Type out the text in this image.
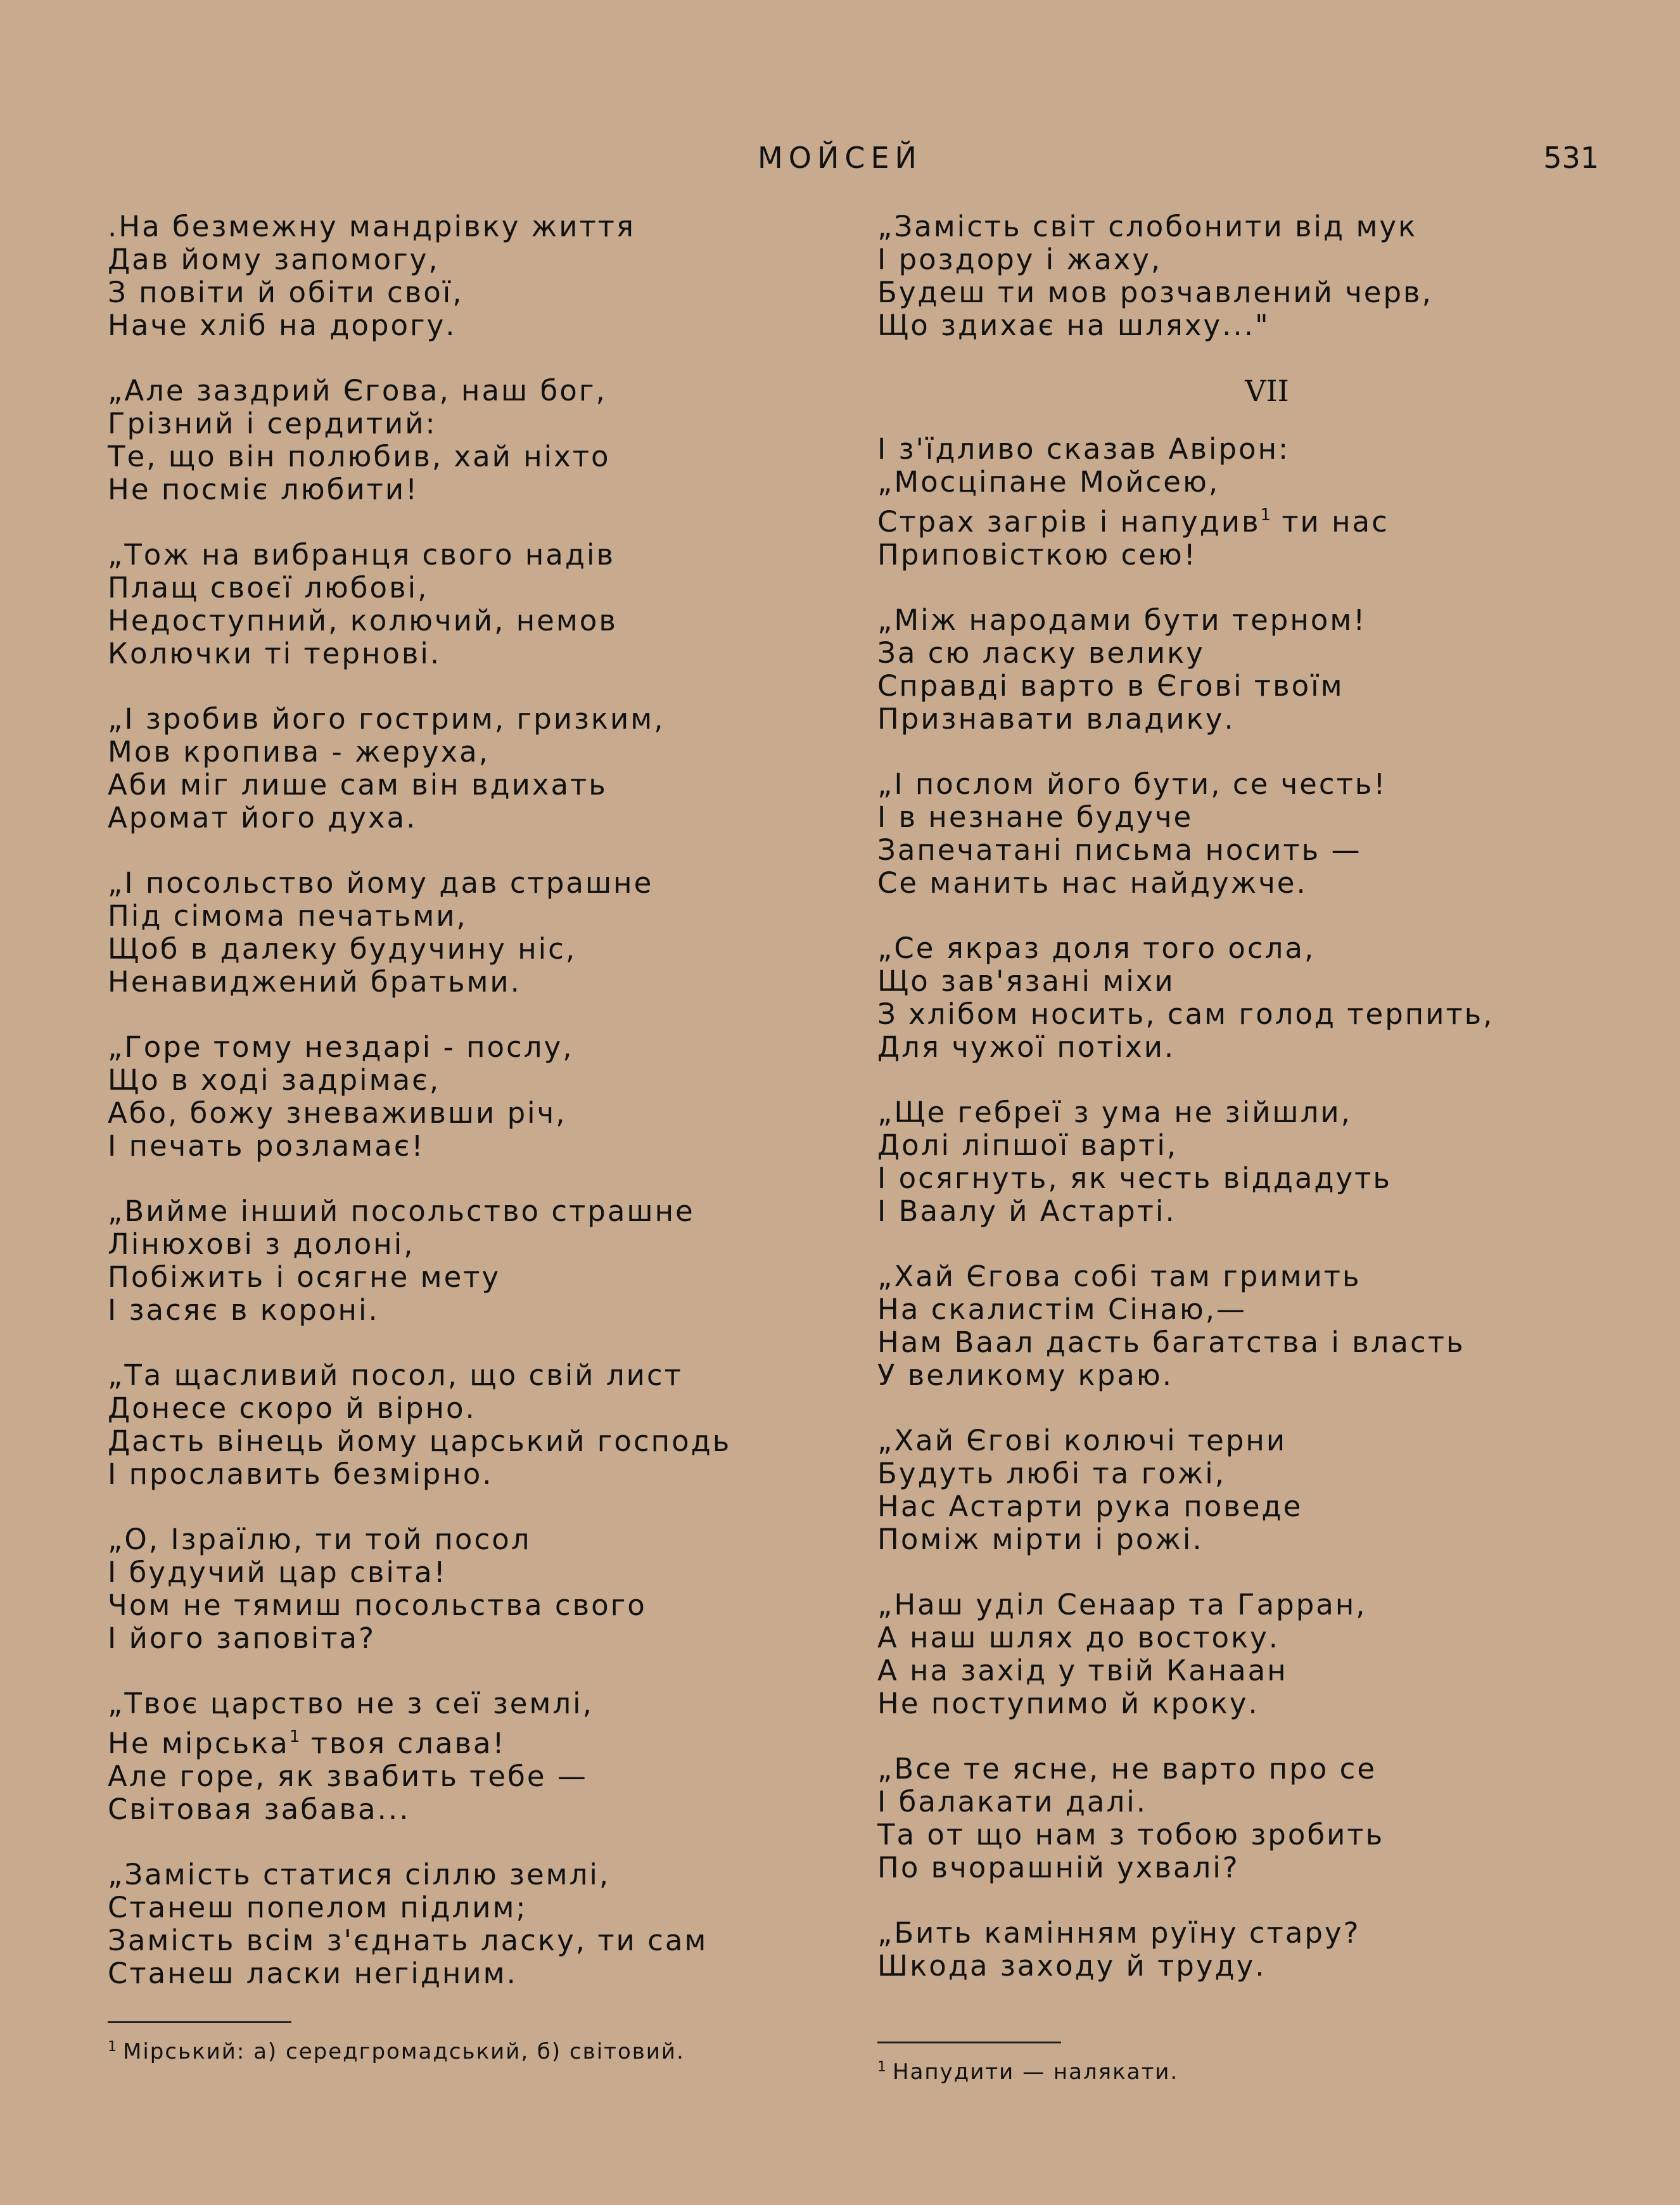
МОЙСЕЙ	531
.На безмежну мандрівку життя
Дав йому запомогу,
З повіти й обіти свої,
Наче хліб на дорогу.
„Але заздрий Єгова, наш бог,
Грізний і сердитий:
Те, що він полюбив, хай ніхто
Не посміє любити!
„Тож на вибранця свого надів
Плащ своєї любові,
Недоступний, колючий, немов
Колючки ті тернові.
„І зробив його гострим, гризким,
Мов кропива - жеруха,
Аби міг лише сам він вдихать
Аромат його духа.
„І посольство йому дав страшне
Під сімома печатьми,
Щоб в далеку будучину ніс,
Ненавиджений братьми.
„Горе тому нездарі - послу,
Що в ході задрімає,
Або, божу зневаживши річ,
І печать розламає!
„Вийме інший посольство страшне
Лінюхові з долоні,
Побіжить і осягне мету
І засяє в короні.
„Та щасливий посол, що свій лист
Донесе скоро й вірно.
Дасть вінець йому царський господь
І прославить безмірно.
„О, Ізраїлю, ти той посол
І будучий цар світа!
Чом не тямиш посольства свого
І його заповіта?
„Твоє царство не з сеї землі,
Не мірська$^1$ твоя слава!
Але горе, як звабить тебе —
Світовая забава...
„Замість статися сіллю землі,
Станеш попелом підлим;
Замість всім з'єднать ласку, ти сам
Станеш ласки негідним.
„Замість світ слобонити від мук
І роздору і жаху,
Будеш ти мов розчавлений черв,
Що здихає на шляху..."
VII
І з'їдливо сказав Авірон:
„Мосціпане Мойсею,
Страх загрів і напудив$^1$ ти нас
Приповісткою сею!
„Між народами бути терном!
За сю ласку велику
Справді варто в Єгові твоїм
Признавати владику.
„І послом його бути, се честь!
І в незнане будуче
Запечатані письма носить —
Се манить нас найдужче.
„Се якраз доля того осла,
Що зав'язані міхи
З хлібом носить, сам голод терпить,
Для чужої потіхи.
„Ще гебреї з ума не зійшли,
Долі ліпшої варті,
І осягнуть, як честь віддадуть
І Ваалу й Астарті.
„Хай Єгова собі там гримить
На скалистім Сінаю,—
Нам Ваал дасть багатства і власть
У великому краю.
„Хай Єгові колючі терни
Будуть любі та гожі,
Нас Астарти рука поведе
Поміж мірти і рожі.
„Наш уділ Сенаар та Гарран,
А наш шлях до востоку.
А на захід у твій Канаан
Не поступимо й кроку.
„Все те ясне, не варто про се
І балакати далі.
Та от що нам з тобою зробить
По вчорашній ухвалі?
„Бить камінням руїну стару?
Шкода заходу й труду.
$^1$ Мірський: а) середгромадський, б) світовий.
$^1$ Напудити — налякати.
